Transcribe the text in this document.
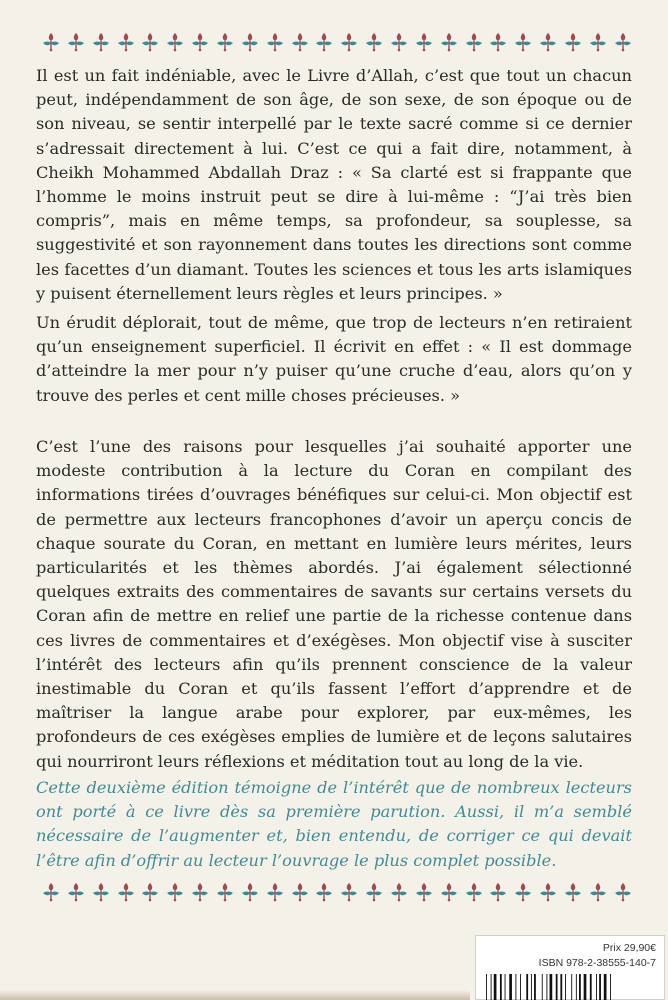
Il est un fait indéniable, avec le Livre d’Allah, c’est que tout un chacun peut, indépendamment de son âge, de son sexe, de son époque ou de son niveau, se sentir interpellé par le texte sacré comme si ce dernier s’adressait directement à lui. C’est ce qui a fait dire, notamment, à Cheikh Mohammed Abdallah Draz : « Sa clarté est si frappante que l’homme le moins instruit peut se dire à lui-même : “J’ai très bien compris”, mais en même temps, sa profondeur, sa souplesse, sa suggestivité et son rayonnement dans toutes les directions sont comme les facettes d’un diamant. Toutes les sciences et tous les arts islamiques y puisent éternellement leurs règles et leurs principes. »

Un érudit déplorait, tout de même, que trop de lecteurs n’en retiraient qu’un enseignement superficiel. Il écrivit en effet : « Il est dommage d’atteindre la mer pour n’y puiser qu’une cruche d’eau, alors qu’on y trouve des perles et cent mille choses précieuses. »

C’est l’une des raisons pour lesquelles j’ai souhaité apporter une modeste contribution à la lecture du Coran en compilant des informations tirées d’ouvrages bénéfiques sur celui-ci. Mon objectif est de permettre aux lecteurs francophones d’avoir un aperçu concis de chaque sourate du Coran, en mettant en lumière leurs mérites, leurs particularités et les thèmes abordés. J’ai également sélectionné quelques extraits des commentaires de savants sur certains versets du Coran afin de mettre en relief une partie de la richesse contenue dans ces livres de commentaires et d’exégèses. Mon objectif vise à susciter l’intérêt des lecteurs afin qu’ils prennent conscience de la valeur inestimable du Coran et qu’ils fassent l’effort d’apprendre et de maîtriser la langue arabe pour explorer, par eux-mêmes, les profondeurs de ces exégèses emplies de lumière et de leçons salutaires qui nourriront leurs réflexions et méditation tout au long de la vie.

Cette deuxième édition témoigne de l’intérêt que de nombreux lecteurs ont porté à ce livre dès sa première parution. Aussi, il m’a semblé nécessaire de l’augmenter et, bien entendu, de corriger ce qui devait l’être afin d’offrir au lecteur l’ouvrage le plus complet possible.

Prix 29,90€
ISBN 978-2-38555-140-7
